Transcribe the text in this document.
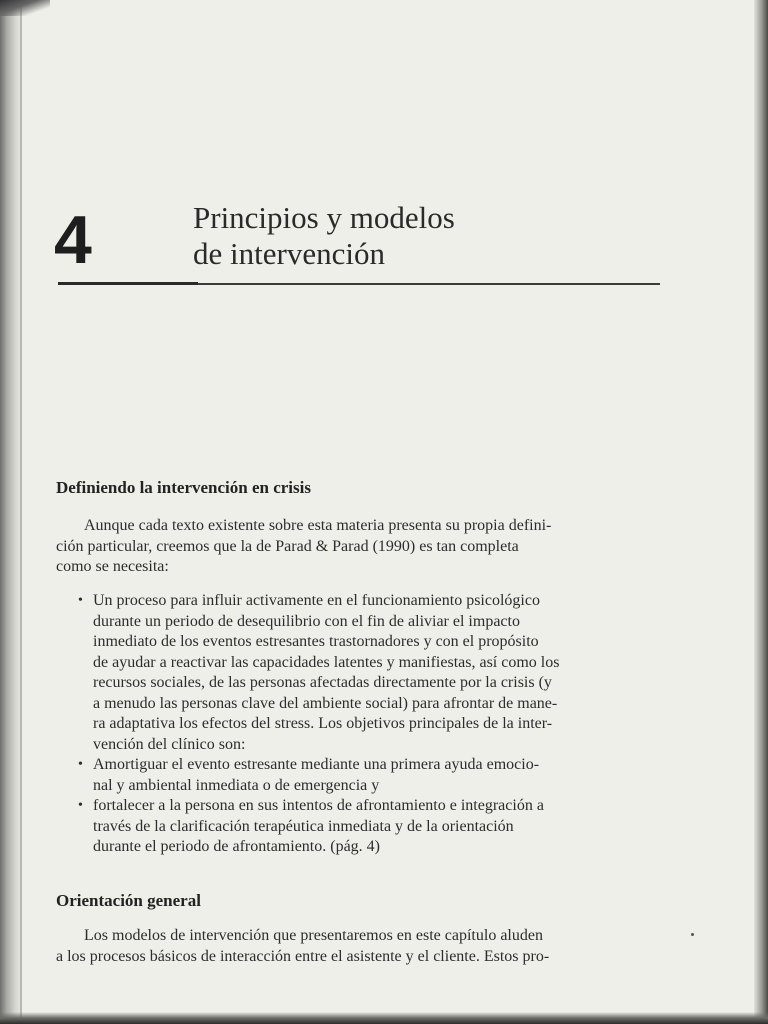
4	Principios y modelos
de intervención
Definiendo la intervención en crisis

Aunque cada texto existente sobre esta materia presenta su propia defini-
ción particular, creemos que la de Parad & Parad (1990) es tan completa
como se necesita:

• Un proceso para influir activamente en el funcionamiento psicológico
durante un periodo de desequilibrio con el fin de aliviar el impacto
inmediato de los eventos estresantes trastornadores y con el propósito
de ayudar a reactivar las capacidades latentes y manifiestas, así como los
recursos sociales, de las personas afectadas directamente por la crisis (y
a menudo las personas clave del ambiente social) para afrontar de mane-
ra adaptativa los efectos del stress. Los objetivos principales de la inter-
vención del clínico son:
• Amortiguar el evento estresante mediante una primera ayuda emocio-
nal y ambiental inmediata o de emergencia y
• fortalecer a la persona en sus intentos de afrontamiento e integración a
través de la clarificación terapéutica inmediata y de la orientación
durante el periodo de afrontamiento. (pág. 4)
Orientación general

Los modelos de intervención que presentaremos en este capítulo aluden
a los procesos básicos de interacción entre el asistente y el cliente. Estos pro-
